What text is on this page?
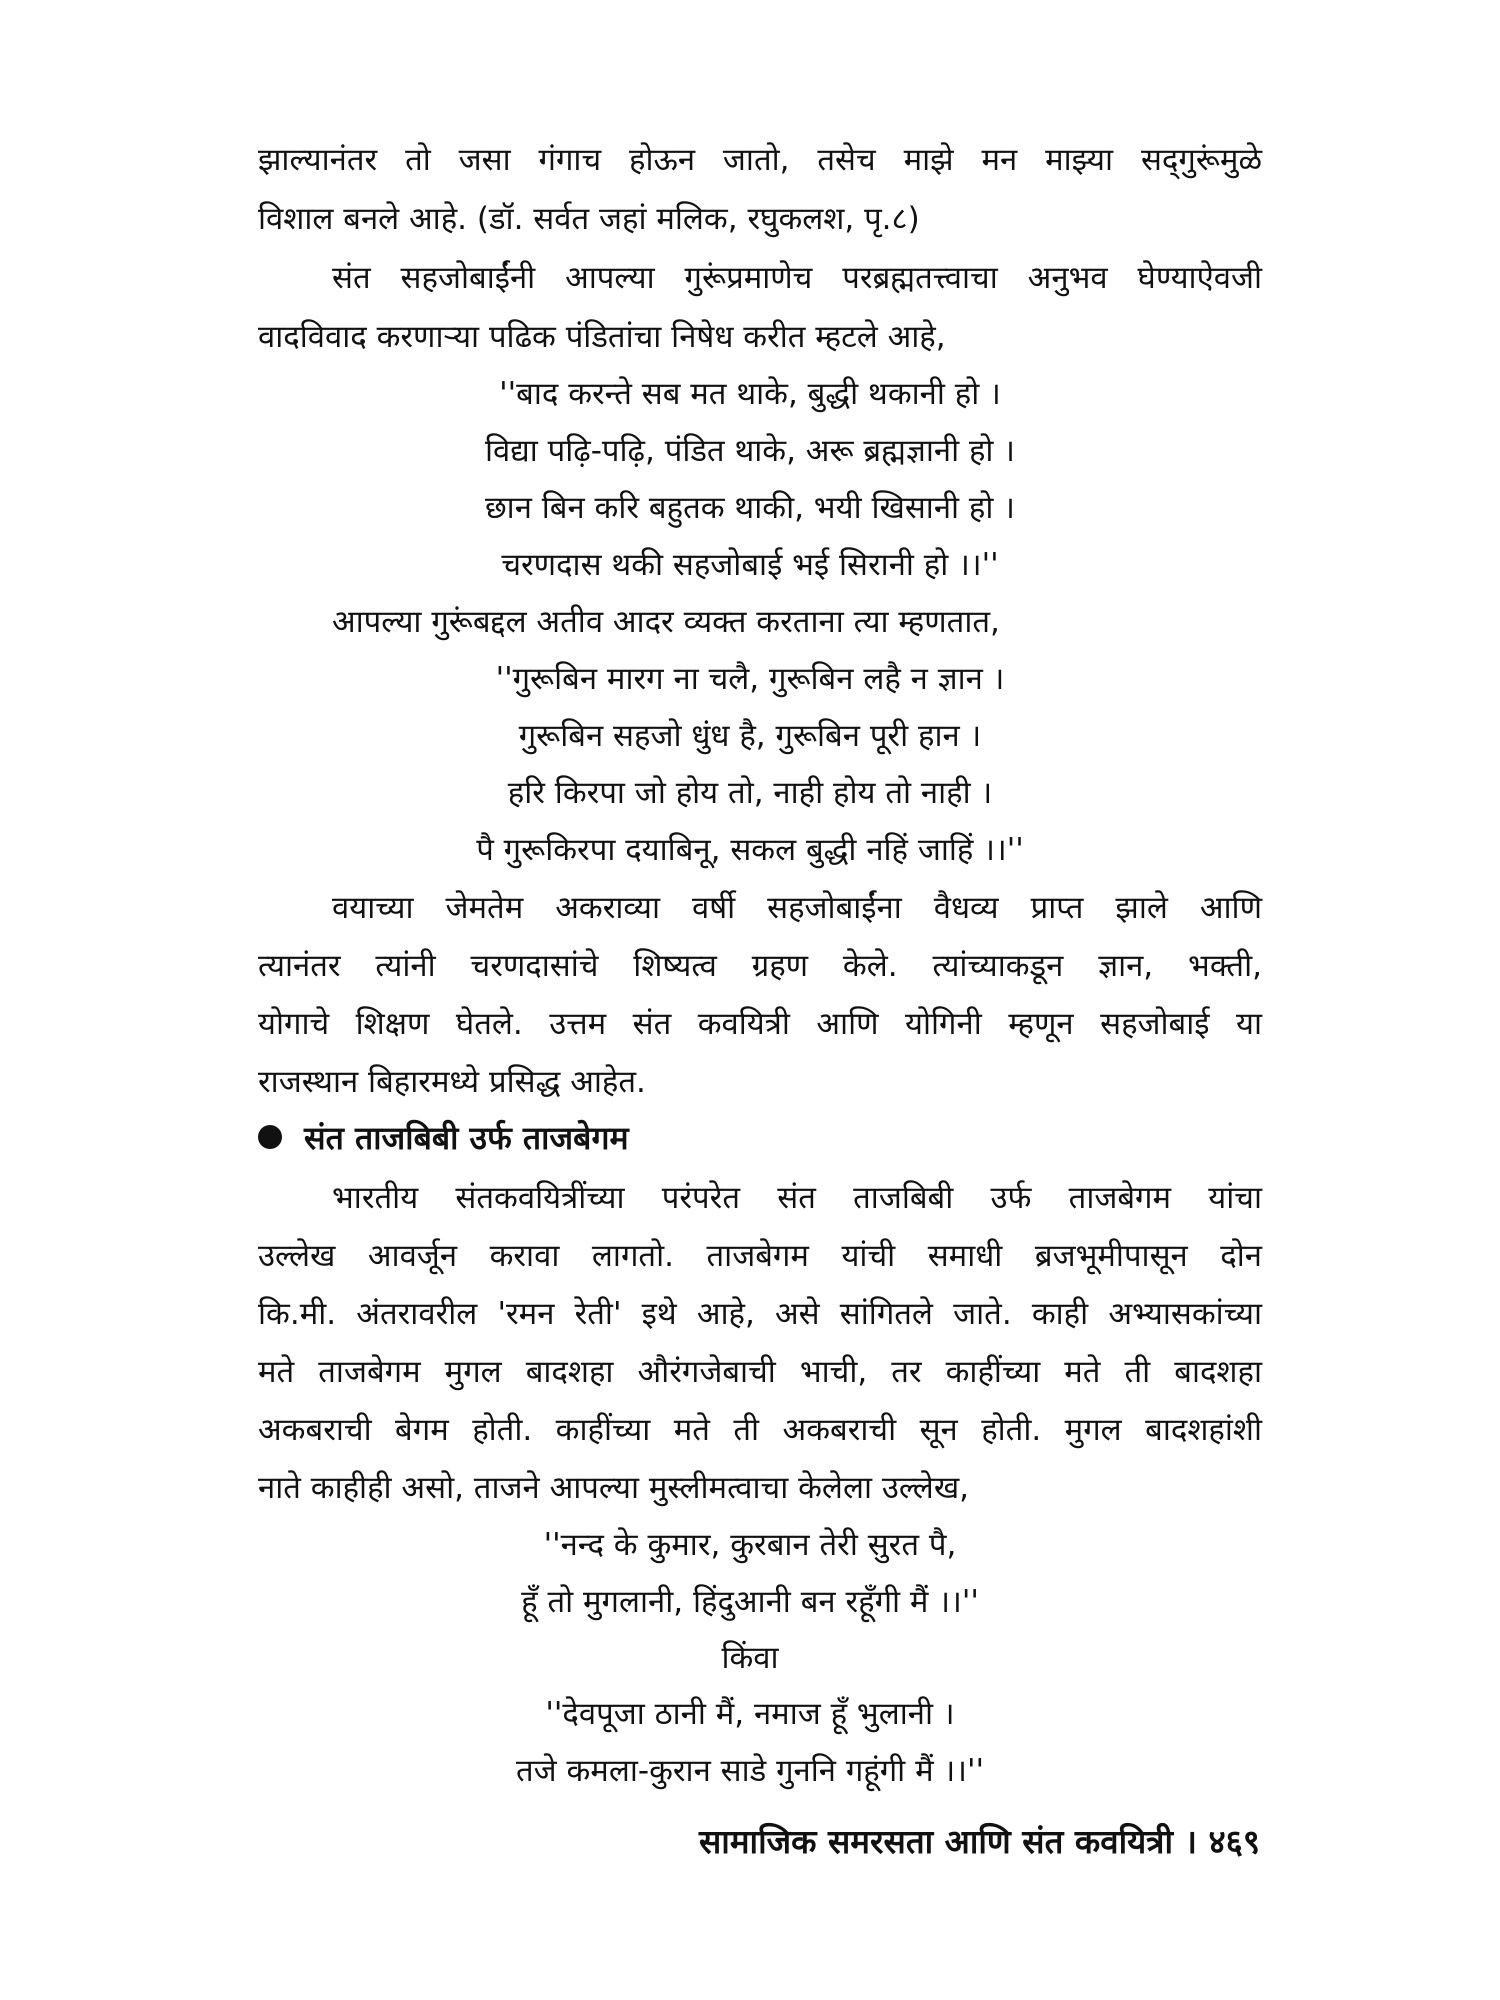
झाल्यानंतर तो जसा गंगाच होऊन जातो, तसेच माझे मन माझ्या सद्‌गुरूंमुळे
विशाल बनले आहे. (डॉ. सर्वत जहां मलिक, रघुकलश, पृ.८)
संत सहजोबाईंनी आपल्या गुरूंप्रमाणेच परब्रह्मतत्त्वाचा अनुभव घेण्याऐवजी
वादविवाद करणाऱ्या पढिक पंडितांचा निषेध करीत म्हटले आहे,
''बाद करन्ते सब मत थाके, बुद्धी थकानी हो ।
विद्या पढ़ि-पढ़ि, पंडित थाके, अरू ब्रह्मज्ञानी हो ।
छान बिन करि बहुतक थाकी, भयी खिसानी हो ।
चरणदास थकी सहजोबाई भई सिरानी हो ।।''
आपल्या गुरूंबद्दल अतीव आदर व्यक्त करताना त्या म्हणतात,
''गुरूबिन मारग ना चलै, गुरूबिन लहै न ज्ञान ।
गुरूबिन सहजो धुंध है, गुरूबिन पूरी हान ।
हरि किरपा जो होय तो, नाही होय तो नाही ।
पै गुरूकिरपा दयाबिनू, सकल बुद्धी नहिं जाहिं ।।''
वयाच्या जेमतेम अकराव्या वर्षी सहजोबाईंना वैधव्य प्राप्त झाले आणि
त्यानंतर त्यांनी चरणदासांचे शिष्यत्व ग्रहण केले. त्यांच्याकडून ज्ञान, भक्ती,
योगाचे शिक्षण घेतले. उत्तम संत कवयित्री आणि योगिनी म्हणून सहजोबाई या
राजस्थान बिहारमध्ये प्रसिद्ध आहेत.
संत ताजबिबी उर्फ ताजबेगम
भारतीय संतकवयित्रींच्या परंपरेत संत ताजबिबी उर्फ ताजबेगम यांचा
उल्लेख आवर्जून करावा लागतो. ताजबेगम यांची समाधी ब्रजभूमीपासून दोन
कि.मी. अंतरावरील 'रमन रेती' इथे आहे, असे सांगितले जाते. काही अभ्यासकांच्या
मते ताजबेगम मुगल बादशहा औरंगजेबाची भाची, तर काहींच्या मते ती बादशहा
अकबराची बेगम होती. काहींच्या मते ती अकबराची सून होती. मुगल बादशहांशी
नाते काहीही असो, ताजने आपल्या मुस्लीमत्वाचा केलेला उल्लेख,
''नन्द के कुमार, कुरबान तेरी सुरत पै,
हूँ तो मुगलानी, हिंदुआनी बन रहूँगी मैं ।।''
किंवा
''देवपूजा ठानी मैं, नमाज हूँ भुलानी ।
तजे कमला-कुरान साडे गुननि गहूंगी मैं ।।''
सामाजिक समरसता आणि संत कवयित्री । ४६९
